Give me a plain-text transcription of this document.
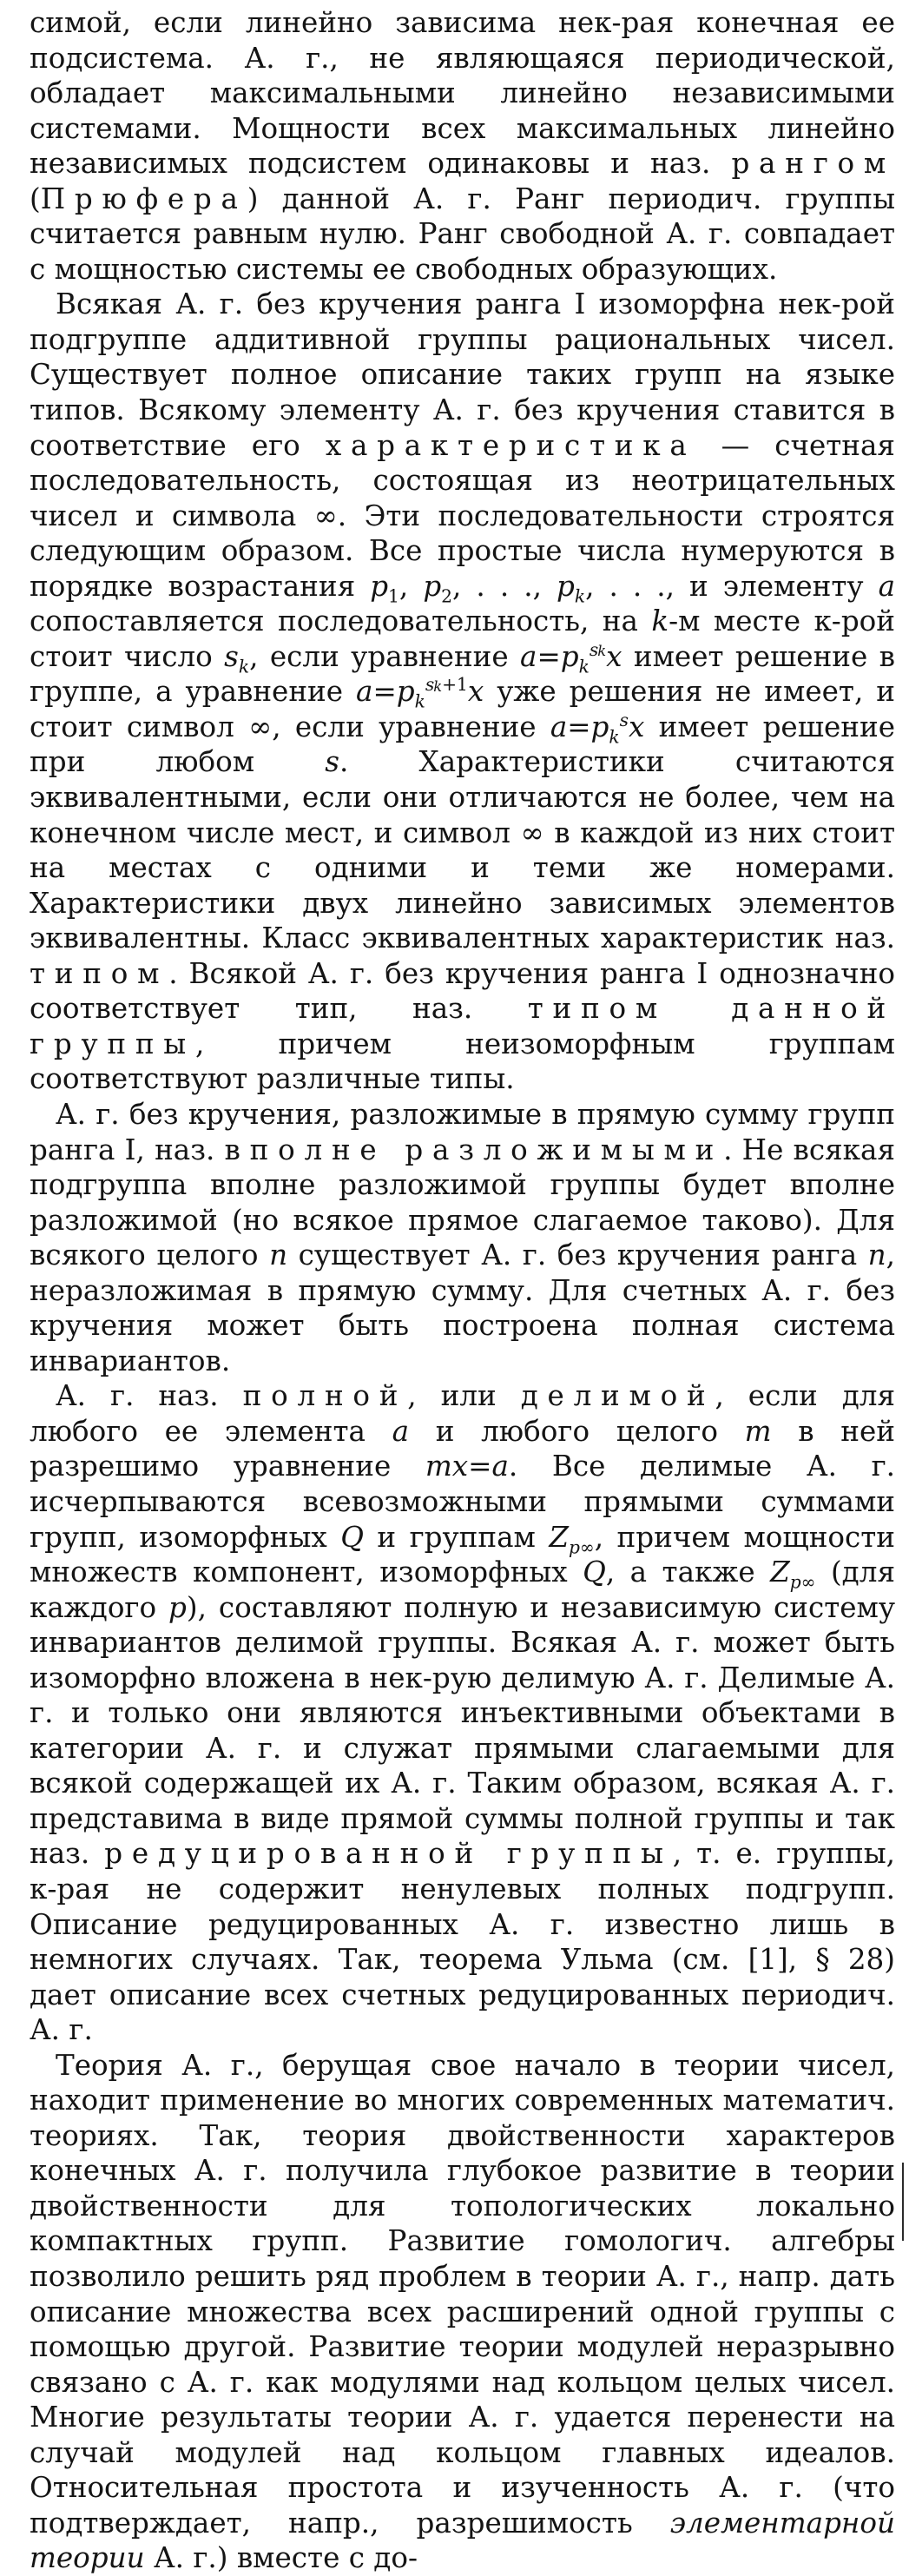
симой, если линейно зависима нек-рая конечная ее подсистема. А. г., не являющаяся периодической, обладает максимальными линейно независимыми системами. Мощности всех максимальных линейно независимых подсистем одинаковы и наз. рангом (Прюфера) данной А. г. Ранг периодич. группы считается равным нулю. Ранг свободной А. г. совпадает с мощностью системы ее свободных образующих.

Всякая А. г. без кручения ранга I изоморфна нек-рой подгруппе аддитивной группы рациональных чисел. Существует полное описание таких групп на языке типов. Всякому элементу А. г. без кручения ставится в соответствие его характеристика — счетная последовательность, состоящая из неотрицательных чисел и символа ∞. Эти последовательности строятся следующим образом. Все простые числа нумеруются в порядке возрастания $p_1$, $p_2$, . . ., $p_k$, . . ., и элементу a сопоставляется последовательность, на k-м месте к-рой стоит число $s_k$, если уравнение $a=p_k^s_kx$ имеет решение в группе, а уравнение $a=p_k^s_k^{+1}x$ уже решения не имеет, и стоит символ ∞, если уравнение $a=p_k^sx$ имеет решение при любом s. Характеристики считаются эквивалентными, если они отличаются не более, чем на конечном числе мест, и символ ∞ в каждой из них стоит на местах с одними и теми же номерами. Характеристики двух линейно зависимых элементов эквивалентны. Класс эквивалентных характеристик наз. типом. Всякой А. г. без кручения ранга I однозначно соответствует тип, наз. типом данной группы, причем неизоморфным группам соответствуют различные типы.

А. г. без кручения, разложимые в прямую сумму групп ранга I, наз. вполне разложимыми. Не всякая подгруппа вполне разложимой группы будет вполне разложимой (но всякое прямое слагаемое таково). Для всякого целого n существует А. г. без кручения ранга n, неразложимая в прямую сумму. Для счетных А. г. без кручения может быть построена полная система инвариантов.

А. г. наз. полной, или делимой, если для любого ее элемента a и любого целого m в ней разрешимо уравнение mx=a. Все делимые А. г. исчерпываются всевозможными прямыми суммами групп, изоморфных Q и группам $Z_{p\infty}$, причем мощности множеств компонент, изоморфных Q, а также $Z_{p\infty}$ (для каждого p), составляют полную и независимую систему инвариантов делимой группы. Всякая А. г. может быть изоморфно вложена в нек-рую делимую А. г. Делимые А. г. и только они являются инъективными объектами в категории А. г. и служат прямыми слагаемыми для всякой содержащей их А. г. Таким образом, всякая А. г. представима в виде прямой суммы полной группы и так наз. редуцированной группы, т. е. группы, к-рая не содержит ненулевых полных подгрупп. Описание редуцированных А. г. известно лишь в немногих случаях. Так, теорема Ульма (см. [1], § 28) дает описание всех счетных редуцированных периодич. А. г.

Теория А. г., берущая свое начало в теории чисел, находит применение во многих современных математич. теориях. Так, теория двойственности характеров конечных А. г. получила глубокое развитие в теории двойственности для топологических локально компактных групп. Развитие гомологич. алгебры позволило решить ряд проблем в теории А. г., напр. дать описание множества всех расширений одной группы с помощью другой. Развитие теории модулей неразрывно связано с А. г. как модулями над кольцом целых чисел. Многие результаты теории А. г. удается перенести на случай модулей над кольцом главных идеалов. Относительная простота и изученность А. г. (что подтверждает, напр., разрешимость элементарной теории А. г.) вместе с до-
